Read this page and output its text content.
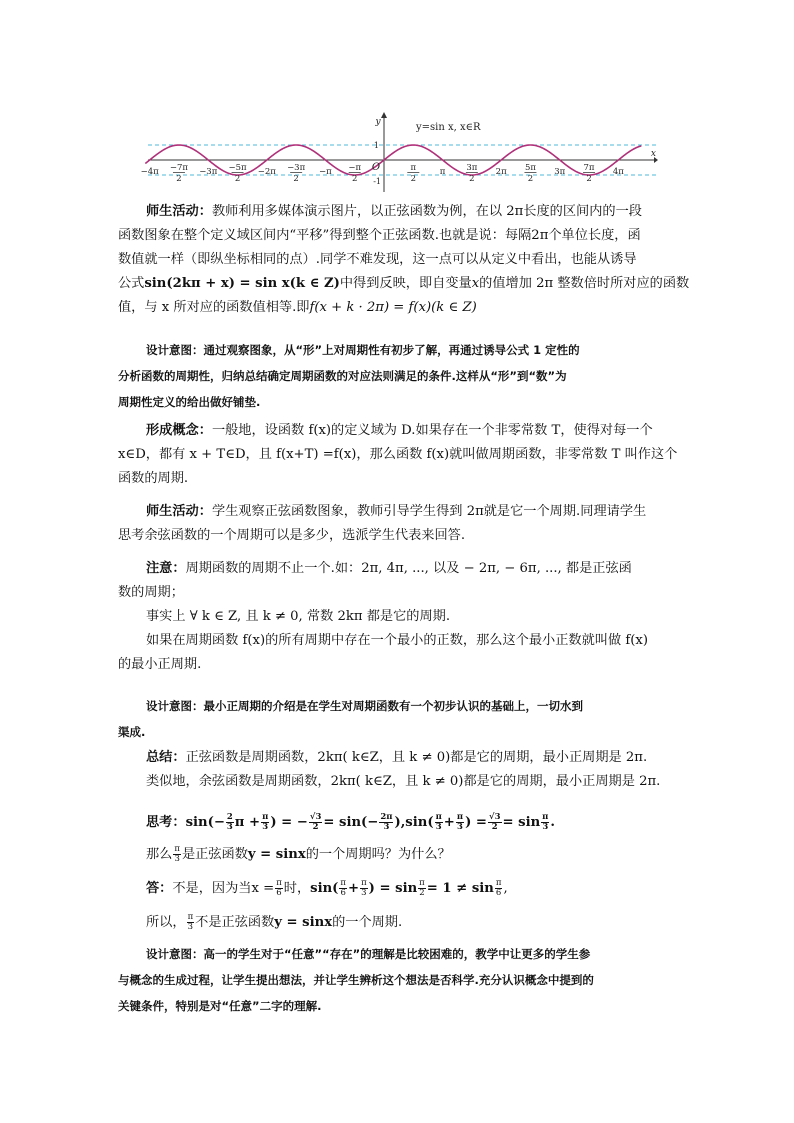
y
x
y=sin x, x∈R
1
-1
O
−4π −7π
2
−3π −5π
2
−2π −3π
2
−π −π
2
π
2
π 3π
2
2π 5π
2
3π 7π
2
4π
师生活动：教师利用多媒体演示图片，以正弦函数为例，在以 2π长度的区间内的一段
函数图象在整个定义域区间内“平移”得到整个正弦函数.也就是说：每隔2π个单位长度，函
数值就一样（即纵坐标相同的点）.同学不难发现，这一点可以从定义中看出，也能从诱导
公式sin(2kπ + x) = sin x(k ∈ Z)中得到反映，即自变量x的值增加 2π 整数倍时所对应的函数
值，与 x 所对应的函数值相等.即f(x + k · 2π) = f(x)(k ∈ Z)
设计意图：通过观察图象，从“形”上对周期性有初步了解，再通过诱导公式 1 定性的
分析函数的周期性，归纳总结确定周期函数的对应法则满足的条件.这样从“形”到“数”为
周期性定义的给出做好铺垫.
形成概念：一般地，设函数 f(x)的定义域为 D.如果存在一个非零常数 T，使得对每一个
x∈D，都有 x + T∈D，且 f(x+T) =f(x)，那么函数 f(x)就叫做周期函数，非零常数 T 叫作这个
函数的周期.
师生活动：学生观察正弦函数图象，教师引导学生得到 2π就是它一个周期.同理请学生
思考余弦函数的一个周期可以是多少，选派学生代表来回答.
注意：周期函数的周期不止一个.如：2π, 4π, ..., 以及 − 2π, − 6π, ..., 都是正弦函
数的周期；
事实上 ∀ k ∈ Z, 且 k ≠ 0, 常数 2kπ 都是它的周期.
如果在周期函数 f(x)的所有周期中存在一个最小的正数，那么这个最小正数就叫做 f(x)
的最小正周期.
设计意图：最小正周期的介绍是在学生对周期函数有一个初步认识的基础上，一切水到
渠成.
总结：正弦函数是周期函数，2kπ( k∈Z，且 k ≠ 0)都是它的周期，最小正周期是 2π.
类似地，余弦函数是周期函数，2kπ( k∈Z，且 k ≠ 0)都是它的周期，最小正周期是 2π.
思考：$\sin(- \frac{2}{3}$ $\pi + \frac{\pi}{3}$ ) = − $\frac{√3}{2} = \sin(- \frac{2\pi}{3} ),\sin( \frac{\pi}{3} + \frac{\pi}{3}$ ) = $\frac{√3}{2} = \sin \frac{\pi}{3}$ .
那么 $\frac{\pi}{3}$ 是正弦函数y = sinx的一个周期吗？为什么？
答：不是，因为当$x = \frac{\pi}{6}$ 时，$\sin( \frac{\pi}{6} + \frac{\pi}{3}$ ) = $\sin \frac{\pi}{2} = 1 \ne \sin \frac{\pi}{6}$ ,
所以， $\frac{\pi}{3}$ 不是正弦函数y = sinx的一个周期.
设计意图：高一的学生对于“任意”“存在”的理解是比较困难的，教学中让更多的学生参
与概念的生成过程，让学生提出想法，并让学生辨析这个想法是否科学.充分认识概念中提到的
关键条件，特别是对“任意”二字的理解.
